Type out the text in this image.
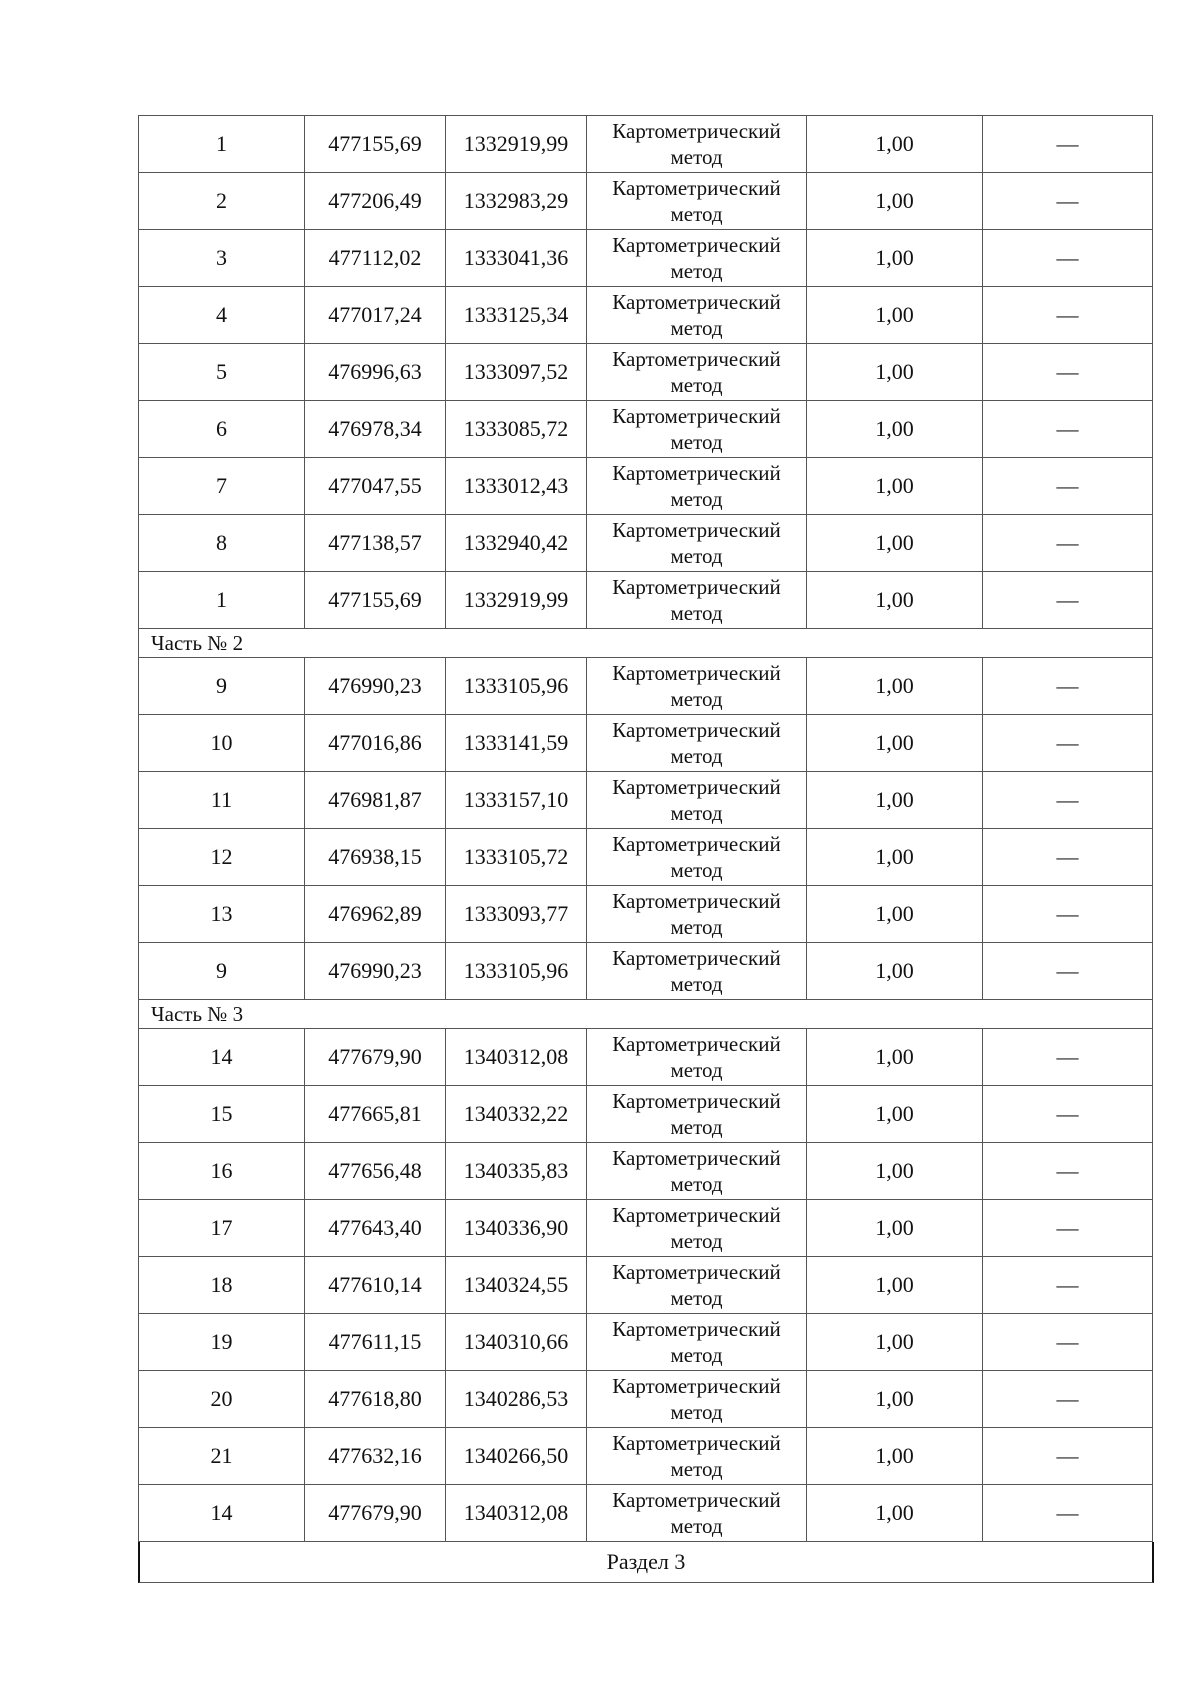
1	477155,69	1332919,99	Картометрический метод	1,00	—
2	477206,49	1332983,29	Картометрический метод	1,00	—
3	477112,02	1333041,36	Картометрический метод	1,00	—
4	477017,24	1333125,34	Картометрический метод	1,00	—
5	476996,63	1333097,52	Картометрический метод	1,00	—
6	476978,34	1333085,72	Картометрический метод	1,00	—
7	477047,55	1333012,43	Картометрический метод	1,00	—
8	477138,57	1332940,42	Картометрический метод	1,00	—
1	477155,69	1332919,99	Картометрический метод	1,00	—
Часть № 2					
9	476990,23	1333105,96	Картометрический метод	1,00	—
10	477016,86	1333141,59	Картометрический метод	1,00	—
11	476981,87	1333157,10	Картометрический метод	1,00	—
12	476938,15	1333105,72	Картометрический метод	1,00	—
13	476962,89	1333093,77	Картометрический метод	1,00	—
9	476990,23	1333105,96	Картометрический метод	1,00	—
Часть № 3					
14	477679,90	1340312,08	Картометрический метод	1,00	—
15	477665,81	1340332,22	Картометрический метод	1,00	—
16	477656,48	1340335,83	Картометрический метод	1,00	—
17	477643,40	1340336,90	Картометрический метод	1,00	—
18	477610,14	1340324,55	Картометрический метод	1,00	—
19	477611,15	1340310,66	Картометрический метод	1,00	—
20	477618,80	1340286,53	Картометрический метод	1,00	—
21	477632,16	1340266,50	Картометрический метод	1,00	—
14	477679,90	1340312,08	Картометрический метод	1,00	—
Раздел 3
